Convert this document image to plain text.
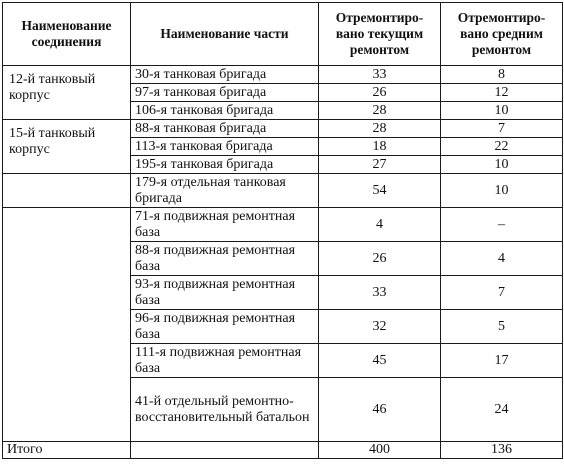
Наименование соединения	Наименование части	Отремонтиро-вано текущим ремонтом	Отремонтиро-вано средним ремонтом
12-й танковый корпус	30-я танковая бригада	33	8
	97-я танковая бригада	26	12
	106-я танковая бригада	28	10
15-й танковый корпус	88-я танковая бригада	28	7
	113-я танковая бригада	18	22
	195-я танковая бригада	27	10
	179-я отдельная танковая бригада	54	10
	71-я подвижная ремонтная база	4	–
	88-я подвижная ремонтная база	26	4
	93-я подвижная ремонтная база	33	7
	96-я подвижная ремонтная база	32	5
	111-я подвижная ремонтная база	45	17
	41-й отдельный ремонтно-восстановительный батальон	46	24
Итого		400	136
